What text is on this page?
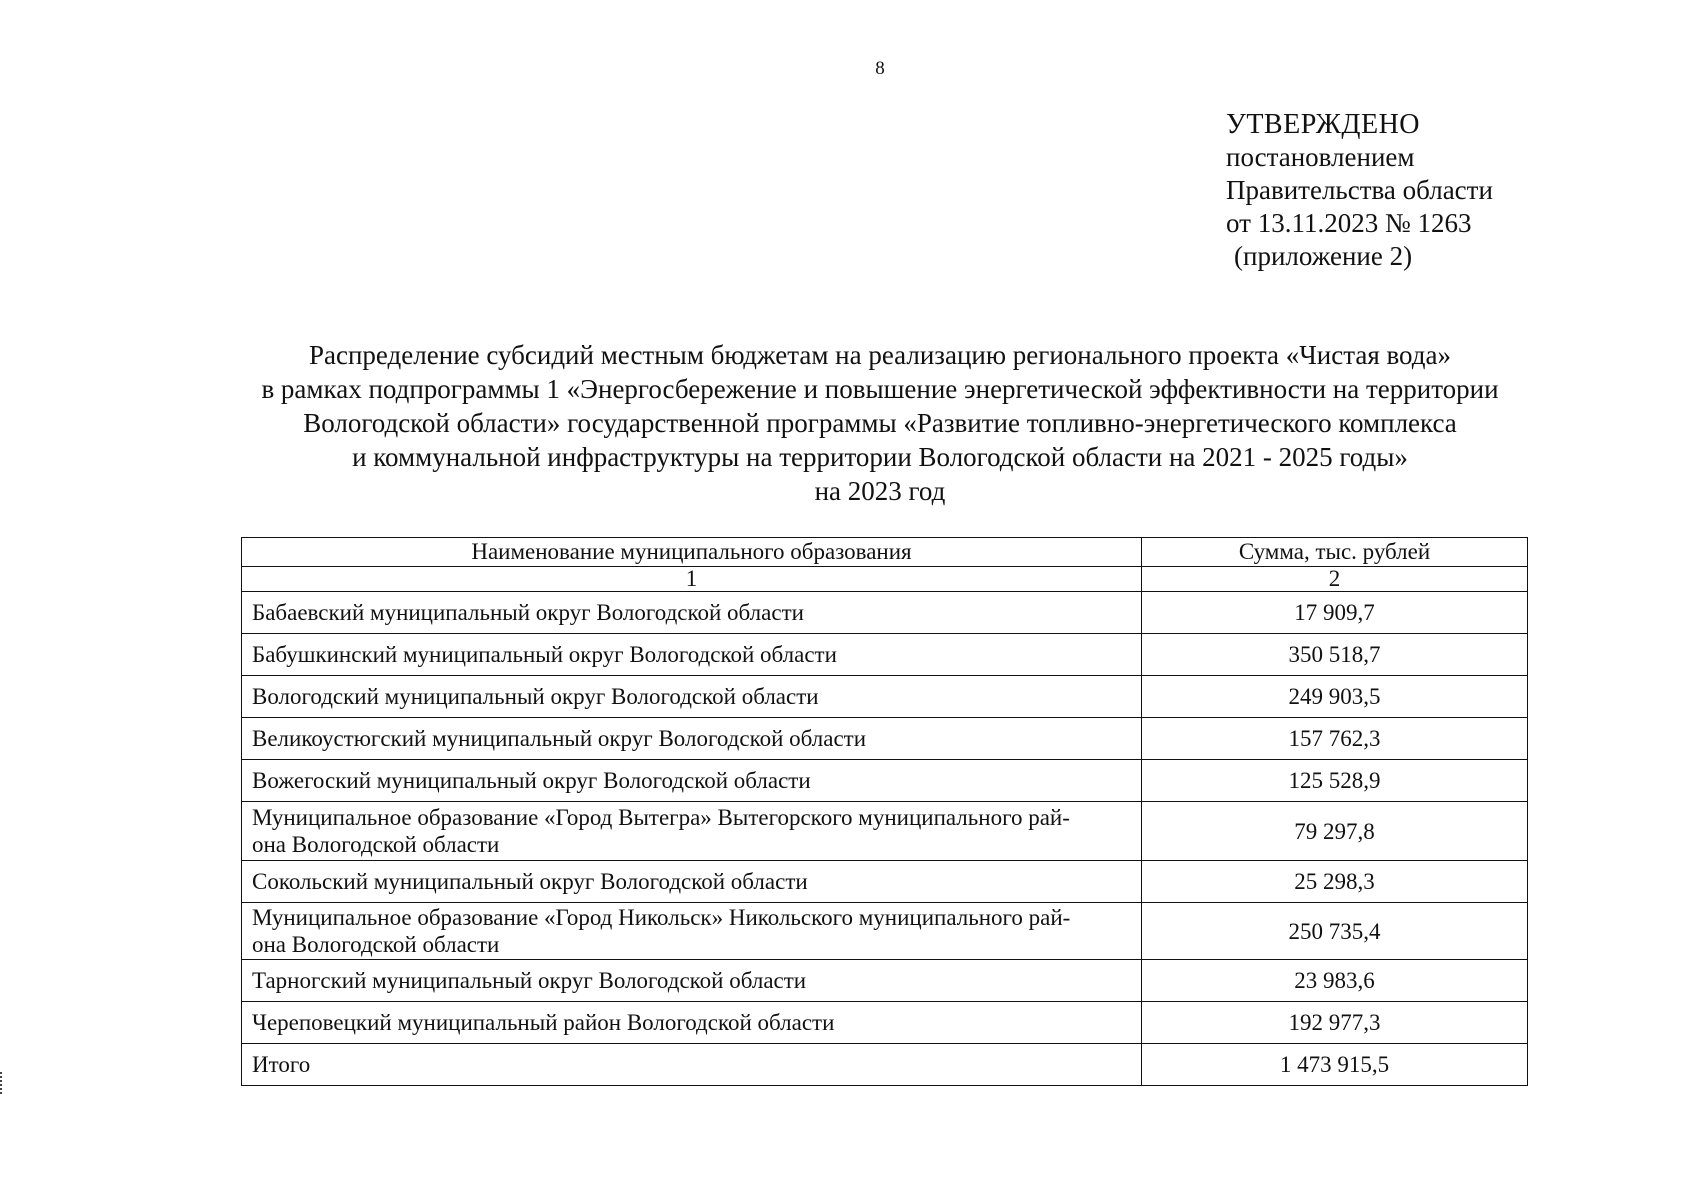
8
УТВЕРЖДЕНО
постановлением
Правительства области
от 13.11.2023 № 1263
(приложение 2)
Распределение субсидий местным бюджетам на реализацию регионального проекта «Чистая вода»
в рамках подпрограммы 1 «Энергосбережение и повышение энергетической эффективности на территории
Вологодской области» государственной программы «Развитие топливно-энергетического комплекса
и коммунальной инфраструктуры на территории Вологодской области на 2021 - 2025 годы»
на 2023 год
Наименование муниципального образования	Сумма, тыс. рублей
1	2
Бабаевский муниципальный округ Вологодской области	17 909,7
Бабушкинский муниципальный округ Вологодской области	350 518,7
Вологодский муниципальный округ Вологодской области	249 903,5
Великоустюгский муниципальный округ Вологодской области	157 762,3
Вожегоский муниципальный округ Вологодской области	125 528,9
Муниципальное образование «Город Вытегра» Вытегорского муниципального рай-
она Вологодской области	79 297,8
Сокольский муниципальный округ Вологодской области	25 298,3
Муниципальное образование «Город Никольск» Никольского муниципального рай-
она Вологодской области	250 735,4
Тарногский муниципальный округ Вологодской области	23 983,6
Череповецкий муниципальный район Вологодской области	192 977,3
Итого	1 473 915,5
